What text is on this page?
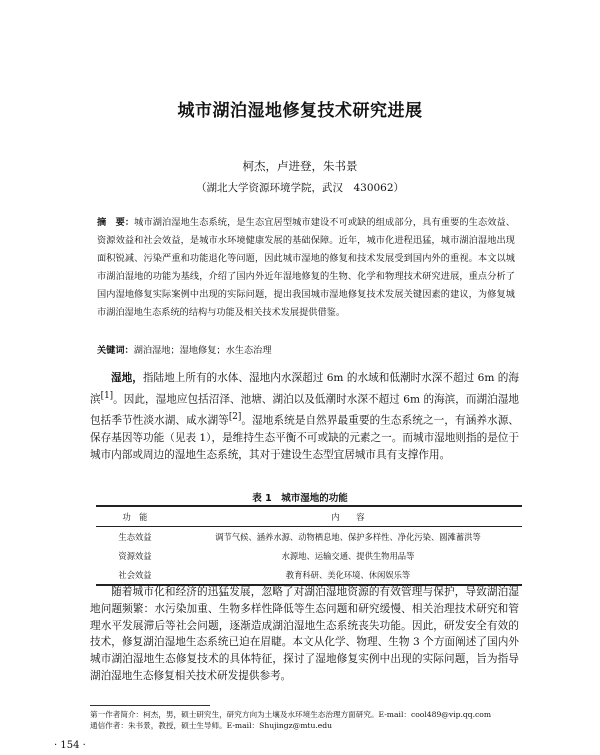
城市湖泊湿地修复技术研究进展
柯杰，卢进登，朱书景
（湖北大学资源环境学院，武汉　430062）
摘　要：城市湖泊湿地生态系统，是生态宜居型城市建设不可或缺的组成部分，具有重要的生态效益、资源效益和社会效益，是城市水环境健康发展的基础保障。近年，城市化进程迅猛，城市湖泊湿地出现面积锐减、污染严重和功能退化等问题，因此城市湿地的修复和技术发展受到国内外的重视。本文以城市湖泊湿地的功能为基线，介绍了国内外近年湿地修复的生物、化学和物理技术研究进展，重点分析了国内湿地修复实际案例中出现的实际问题，提出我国城市湿地修复技术发展关键因素的建议，为修复城市湖泊湿地生态系统的结构与功能及相关技术发展提供借鉴。
关键词：湖泊湿地；湿地修复；水生态治理
湿地，指陆地上所有的水体、湿地内水深超过 6m 的水域和低潮时水深不超过 6m 的海滨[1]。因此，湿地应包括沼泽、池塘、湖泊以及低潮时水深不超过 6m 的海滨，而湖泊湿地包括季节性淡水湖、咸水湖等[2]。湿地系统是自然界最重要的生态系统之一，有涵养水源、保存基因等功能（见表 1），是维持生态平衡不可或缺的元素之一。而城市湿地则指的是位于城市内部或周边的湿地生态系统，其对于建设生态型宜居城市具有支撑作用。
表 1　城市湿地的功能
功　能	内　　容
生态效益	调节气候、涵养水源、动物栖息地、保护多样性、净化污染、圆滩蓄洪等
资源效益	水源地、运输交通、提供生物用品等
社会效益	教育科研、美化环境、休闲娱乐等
随着城市化和经济的迅猛发展，忽略了对湖泊湿地资源的有效管理与保护，导致湖泊湿地问题频繁：水污染加重、生物多样性降低等生态问题和研究缓慢、相关治理技术研究和管理水平发展滞后等社会问题，逐渐造成湖泊湿地生态系统丧失功能。因此，研发安全有效的技术，修复湖泊湿地生态系统已迫在眉睫。本文从化学、物理、生物 3 个方面阐述了国内外城市湖泊湿地生态修复技术的具体特征，探讨了湿地修复实例中出现的实际问题，旨为指导湖泊湿地生态修复相关技术研发提供参考。
第一作者简介：柯杰，男，硕士研究生，研究方向为土壤及水环境生态治理方面研究。E-mail：cool489@vip.qq.com
通信作者：朱书景，教授，硕士生导师。E-mail：Shujingz@mtu.edu
· 154 ·
